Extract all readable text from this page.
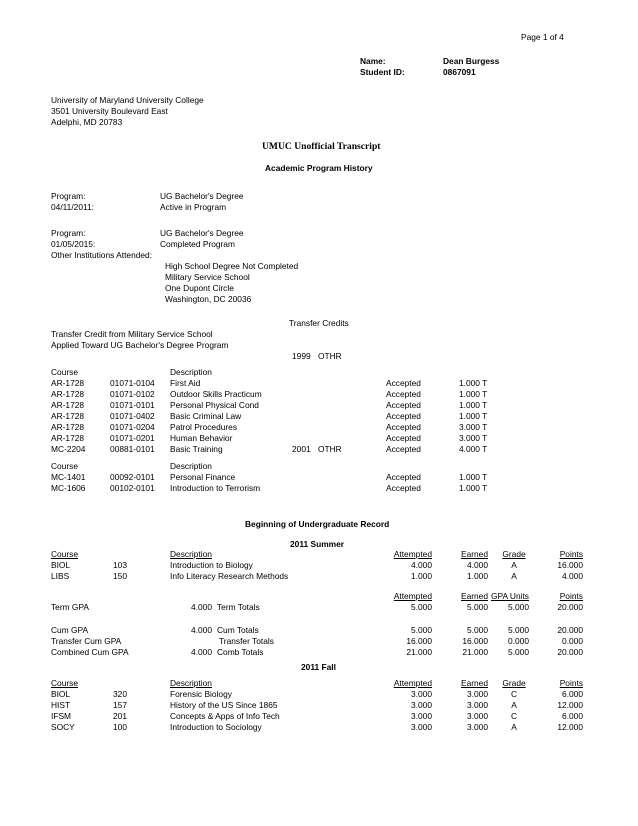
Page 1 of 4
Name:	Dean Burgess
Student ID:	0867091
University of Maryland University College
3501 University Boulevard East
Adelphi, MD 20783
UMUC Unofficial Transcript
Academic Program History
Program:	UG Bachelor's Degree
04/11/2011:	Active in Program
Program:	UG Bachelor's Degree
01/05/2015:	Completed Program
Other Institutions Attended:
High School Degree Not Completed
Military Service School
One Dupont Circle
Washington, DC 20036
Transfer Credits
Transfer Credit from Military Service School
Applied Toward UG Bachelor's Degree Program
1999 OTHR
Course	Description
AR-1728	01071-0104 First Aid	Accepted	1.000 T
AR-1728	01071-0102 Outdoor Skills Practicum	Accepted	1.000 T
AR-1728	01071-0101 Personal Physical Cond	Accepted	1.000 T
AR-1728	01071-0402 Basic Criminal Law	Accepted	1.000 T
AR-1728	01071-0204 Patrol Procedures	Accepted	3.000 T
AR-1728	01071-0201 Human Behavior	Accepted	3.000 T
MC-2204	00881-0101 Basic Training	Accepted	4.000 T
2001 OTHR
Course	Description
MC-1401	00092-0101 Personal Finance	Accepted	1.000 T
MC-1606	00102-0101 Introduction to Terrorism	Accepted	1.000 T
Beginning of Undergraduate Record
2011 Summer
Course	Description	Attempted	Earned	Grade	Points
BIOL	103	Introduction to Biology	4.000	4.000	A	16.000
LIBS	150	Info Literacy Research Methods	1.000	1.000	A	4.000
Attempted	Earned GPA Units	Points
Term GPA	4.000 Term Totals	5.000	5.000 5.000	20.000
Cum GPA	4.000 Cum Totals	5.000	5.000 5.000	20.000
Transfer Cum GPA	Transfer Totals	16.000	16.000 0.000	0.000
Combined Cum GPA	4.000 Comb Totals	21.000	21.000 5.000	20.000
2011 Fall
Course	Description	Attempted	Earned	Grade	Points
BIOL	320	Forensic Biology	3.000	3.000	C	6.000
HIST	157	History of the US Since 1865	3.000	3.000	A	12.000
IFSM	201	Concepts & Apps of Info Tech	3.000	3.000	C	6.000
SOCY	100	Introduction to Sociology	3.000	3.000	A	12.000
